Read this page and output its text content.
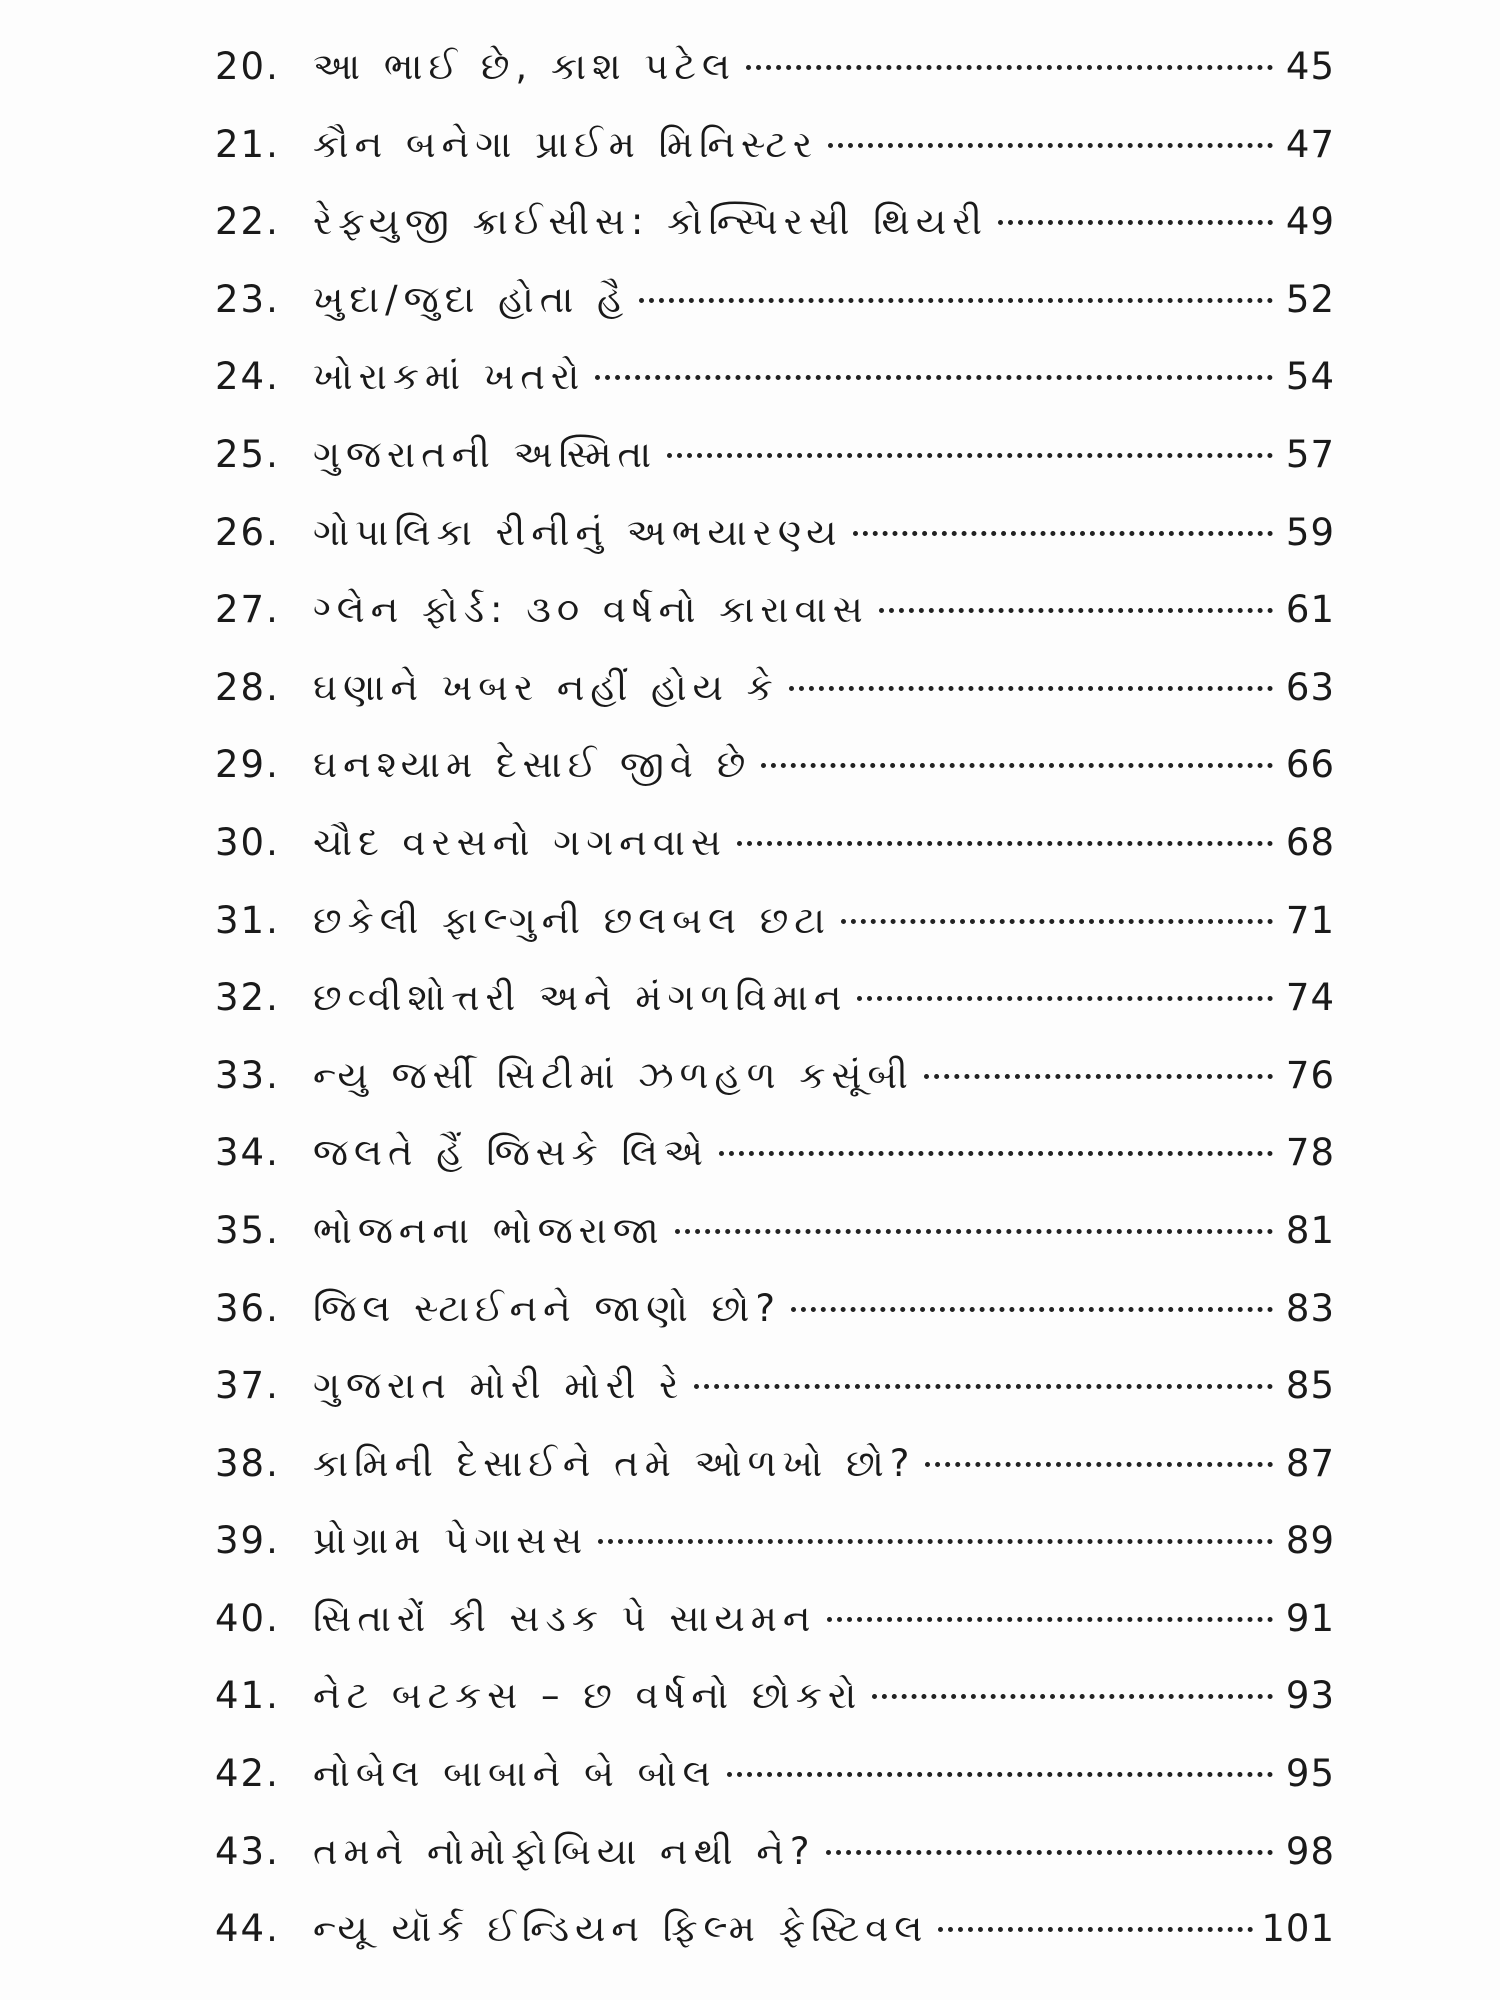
20. આ ભાઈ છે, કાશ પટેલ	45
21. કૌન બનેગા પ્રાઈમ મિનિસ્ટર	47
22. રેફ્યુજી ક્રાઈસીસ: કોન્સ્પિરસી થિયરી	49
23. ખુદા/જુદા હોતા હૈ	52
24. ખોરાકમાં ખતરો	54
25. ગુજરાતની અસ્મિતા	57
26. ગોપાલિકા રીનીનું અભયારણ્ય	59
27. ગ્લેન ફોર્ડ: ૩૦ વર્ષનો કારાવાસ	61
28. ઘણાને ખબર નહીં હોય કે	63
29. ઘનશ્યામ દેસાઈ જીવે છે	66
30. ચૌદ વરસનો ગગનવાસ	68
31. છકેલી ફાલ્ગુની છલબલ છટા	71
32. છવ્વીશોત્તરી અને મંગળવિમાન	74
33. ન્યુ જર્સી સિટીમાં ઝળહળ કસૂંબી	76
34. જલતે હૈં જિસકે લિએ	78
35. ભોજનના ભોજરાજા	81
36. જિલ સ્ટાઈનને જાણો છો?	83
37. ગુજરાત મોરી મોરી રે	85
38. કામિની દેસાઈને તમે ઓળખો છો?	87
39. પ્રોગ્રામ પેગાસસ	89
40. સિતારોં કી સડક પે સાયમન	91
41. નેટ બટકસ – છ વર્ષનો છોકરો	93
42. નોબેલ બાબાને બે બોલ	95
43. તમને નોમોફોબિયા નથી ને?	98
44. ન્યૂ યૉર્ક ઈન્ડિયન ફિલ્મ ફેસ્ટિવલ	101
